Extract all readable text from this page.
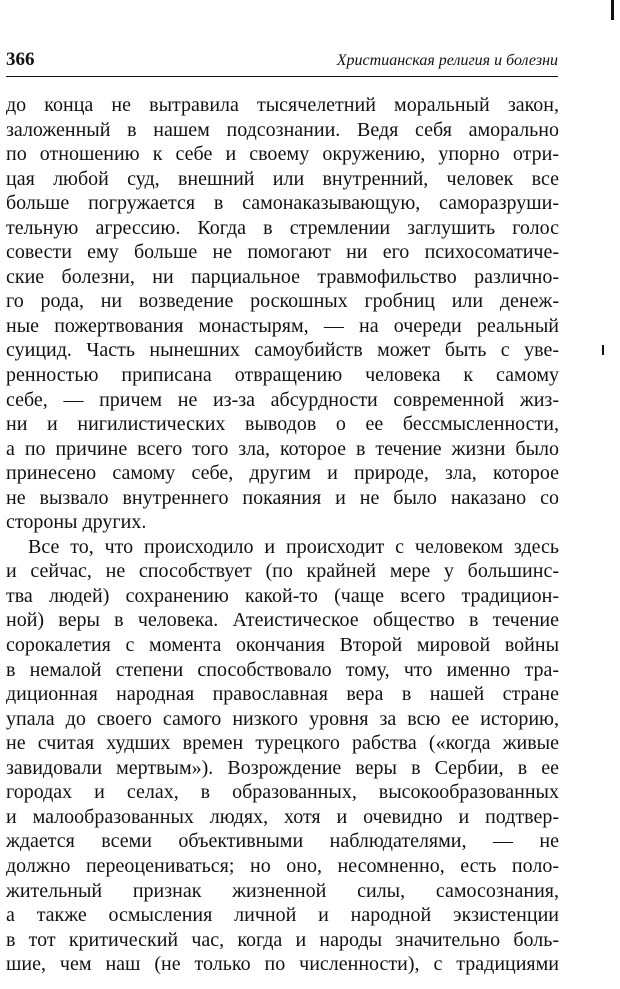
366	Христианская религия и болезни
до конца не вытравила тысячелетний моральный закон,
заложенный в нашем подсознании. Ведя себя аморально
по отношению к себе и своему окружению, упорно отри-
цая любой суд, внешний или внутренний, человек все
больше погружается в самонаказывающую, саморазруши-
тельную агрессию. Когда в стремлении заглушить голос
совести ему больше не помогают ни его психосоматиче-
ские болезни, ни парциальное травмофильство различно-
го рода, ни возведение роскошных гробниц или денеж-
ные пожертвования монастырям, — на очереди реальный
суицид. Часть нынешних самоубийств может быть с уве-
ренностью приписана отвращению человека к самому
себе, — причем не из-за абсурдности современной жиз-
ни и нигилистических выводов о ее бессмысленности,
а по причине всего того зла, которое в течение жизни было
принесено самому себе, другим и природе, зла, которое
не вызвало внутреннего покаяния и не было наказано со
стороны других.
Все то, что происходило и происходит с человеком здесь
и сейчас, не способствует (по крайней мере у большинс-
тва людей) сохранению какой-то (чаще всего традицион-
ной) веры в человека. Атеистическое общество в течение
сорокалетия с момента окончания Второй мировой войны
в немалой степени способствовало тому, что именно тра-
диционная народная православная вера в нашей стране
упала до своего самого низкого уровня за всю ее историю,
не считая худших времен турецкого рабства («когда живые
завидовали мертвым»). Возрождение веры в Сербии, в ее
городах и селах, в образованных, высокообразованных
и малообразованных людях, хотя и очевидно и подтвер-
ждается всеми объективными наблюдателями, — не
должно переоцениваться; но оно, несомненно, есть поло-
жительный признак жизненной силы, самосознания,
а также осмысления личной и народной экзистенции
в тот критический час, когда и народы значительно боль-
шие, чем наш (не только по численности), с традициями
